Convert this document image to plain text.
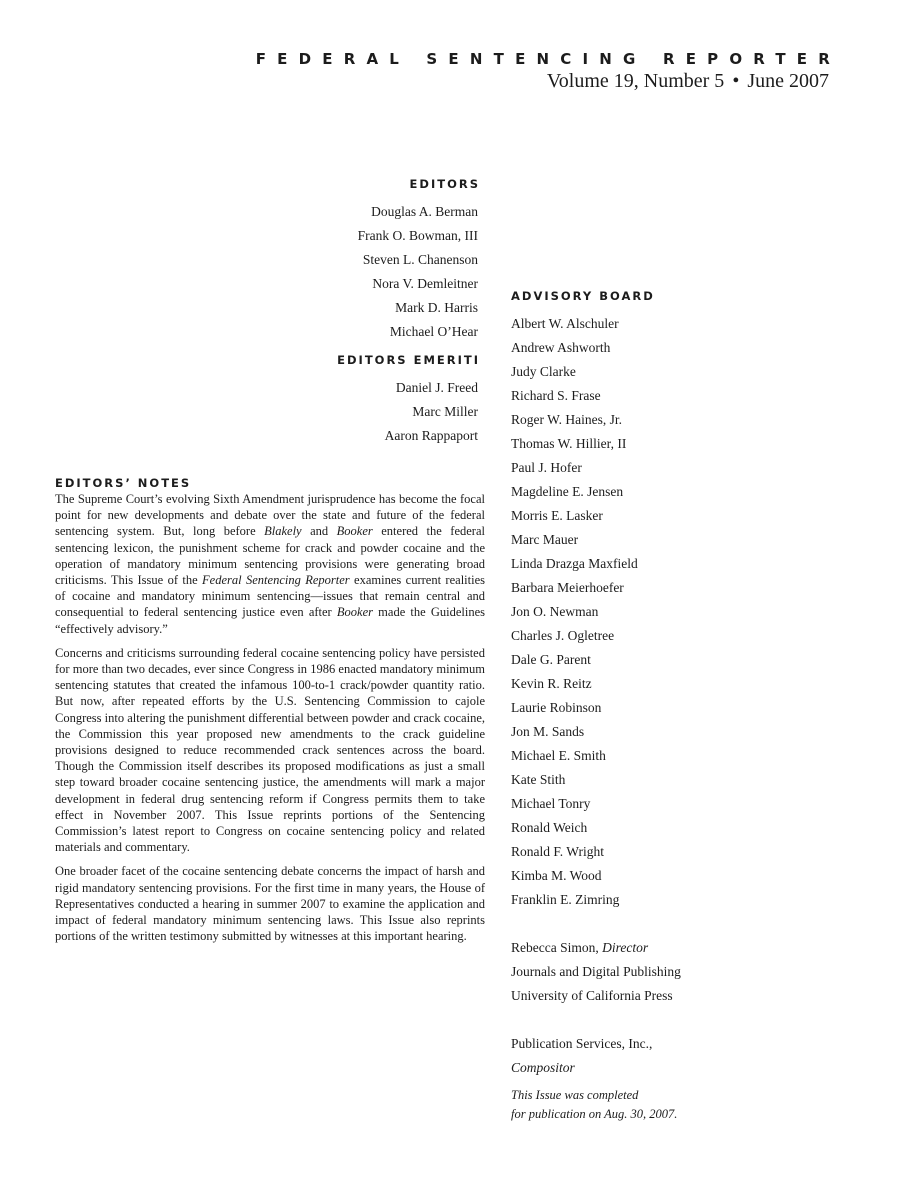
FEDERAL SENTENCING REPORTER
Volume 19, Number 5 • June 2007
EDITORS
Douglas A. Berman
Frank O. Bowman, III
Steven L. Chanenson
Nora V. Demleitner
Mark D. Harris
Michael O’Hear
EDITORS EMERITI
Daniel J. Freed
Marc Miller
Aaron Rappaport
ADVISORY BOARD
Albert W. Alschuler
Andrew Ashworth
Judy Clarke
Richard S. Frase
Roger W. Haines, Jr.
Thomas W. Hillier, II
Paul J. Hofer
Magdeline E. Jensen
Morris E. Lasker
Marc Mauer
Linda Drazga Maxfield
Barbara Meierhoefer
Jon O. Newman
Charles J. Ogletree
Dale G. Parent
Kevin R. Reitz
Laurie Robinson
Jon M. Sands
Michael E. Smith
Kate Stith
Michael Tonry
Ronald Weich
Ronald F. Wright
Kimba M. Wood
Franklin E. Zimring
Rebecca Simon, Director
Journals and Digital Publishing
University of California Press
Publication Services, Inc.,
Compositor
This Issue was completed
for publication on Aug. 30, 2007.
EDITORS’ NOTES

The Supreme Court’s evolving Sixth Amendment jurisprudence has become the focal point for new developments and debate over the state and future of the federal sentencing system. But, long before Blakely and Booker entered the federal sentencing lexicon, the punishment scheme for crack and powder cocaine and the operation of mandatory minimum sentencing provisions were generating broad criticisms. This Issue of the Federal Sentencing Reporter examines current realities of cocaine and mandatory minimum sentencing—issues that remain central and consequential to federal sentencing justice even after Booker made the Guidelines “effectively advisory.”

Concerns and criticisms surrounding federal cocaine sentencing policy have persisted for more than two decades, ever since Congress in 1986 enacted mandatory minimum sentencing statutes that created the infamous 100-to-1 crack/powder quantity ratio. But now, after repeated efforts by the U.S. Sentencing Commission to cajole Congress into altering the punishment differential between powder and crack cocaine, the Commission this year proposed new amendments to the crack guideline provisions designed to reduce recommended crack sentences across the board. Though the Commission itself describes its proposed modifications as just a small step toward broader cocaine sentencing justice, the amendments will mark a major development in federal drug sentencing reform if Congress permits them to take effect in November 2007. This Issue reprints portions of the Sentencing Commission’s latest report to Congress on cocaine sentencing policy and related materials and commentary.

One broader facet of the cocaine sentencing debate concerns the impact of harsh and rigid mandatory sentencing provisions. For the first time in many years, the House of Representatives conducted a hearing in summer 2007 to examine the application and impact of federal mandatory minimum sentencing laws. This Issue also reprints portions of the written testimony submitted by witnesses at this important hearing.
